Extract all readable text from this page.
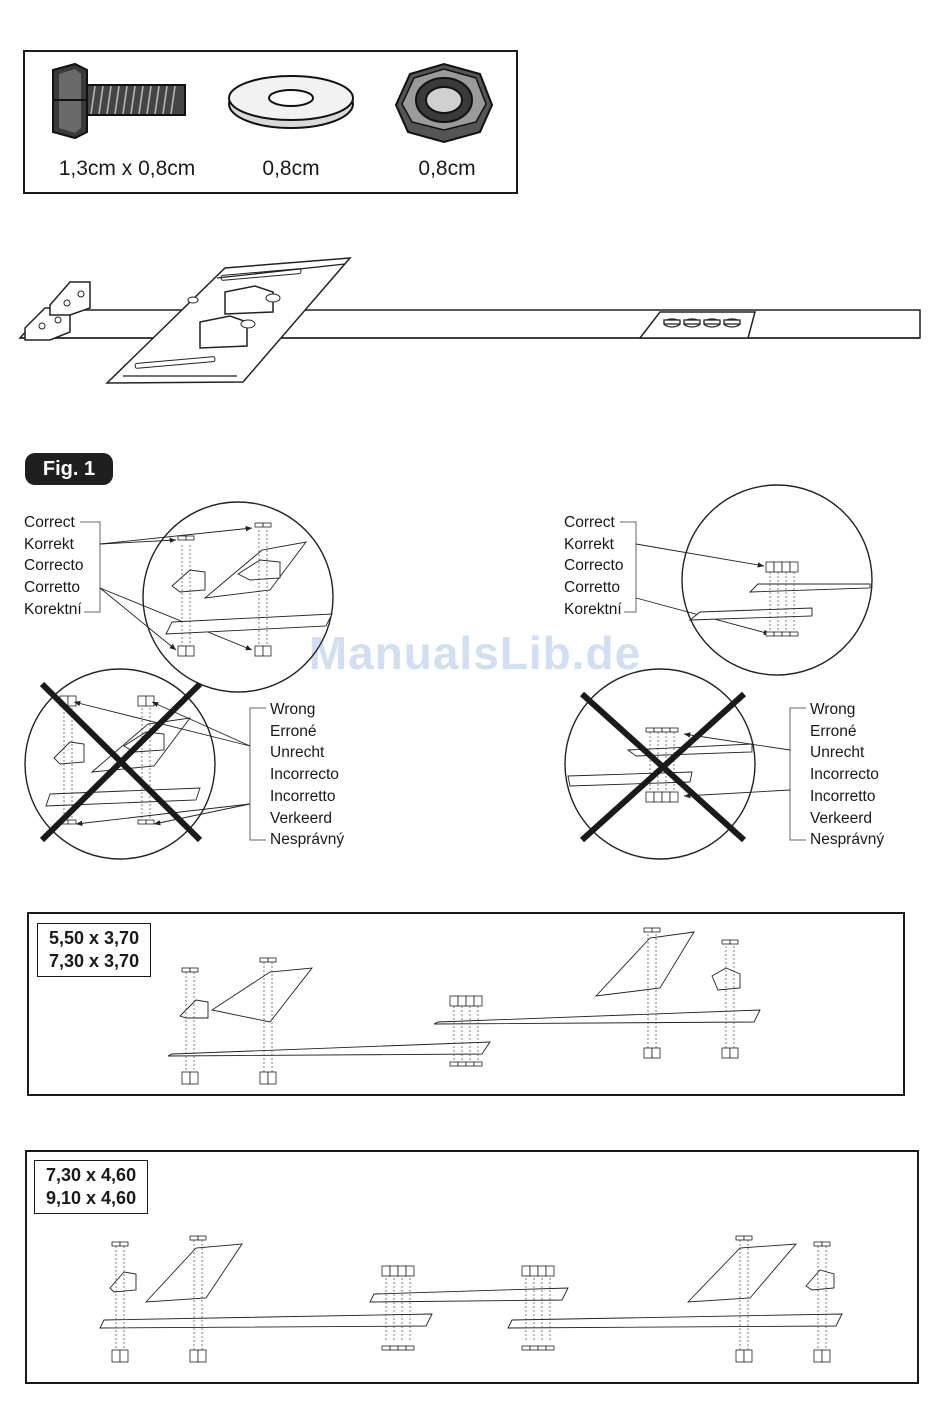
1,3cm x 0,8cm	0,8cm	0,8cm
Fig. 1
ManualsLib.de
Correct
Korrekt
Correcto
Corretto
Korektní
Correct
Korrekt
Correcto
Corretto
Korektní
Wrong
Erroné
Unrecht
Incorrecto
Incorretto
Verkeerd
Nesprávný
Wrong
Erroné
Unrecht
Incorrecto
Incorretto
Verkeerd
Nesprávný
5,50 x 3,70
7,30 x 3,70
7,30 x 4,60
9,10 x 4,60
